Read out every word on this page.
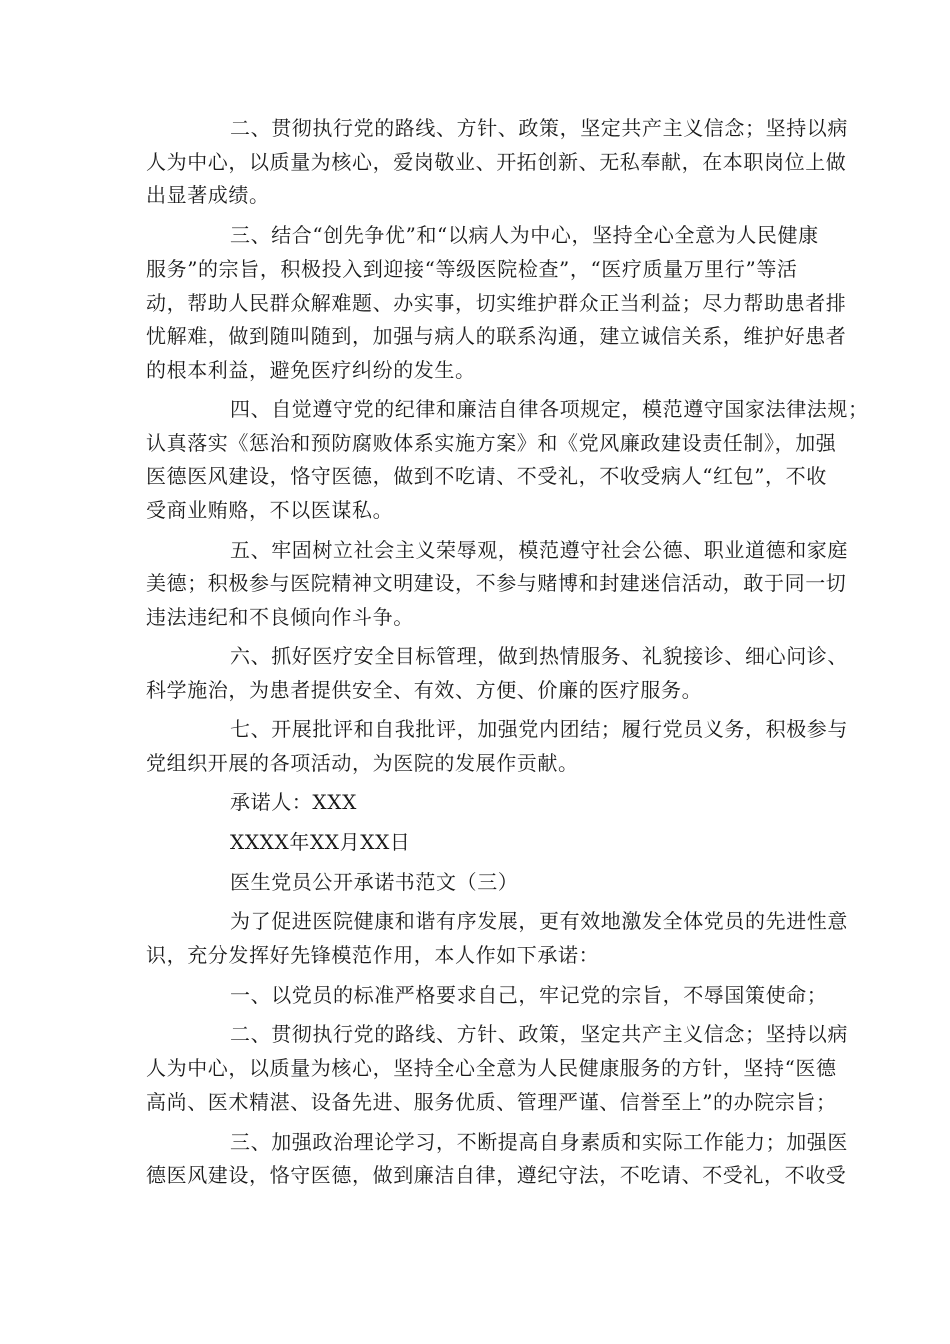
二、贯彻执行党的路线、方针、政策，坚定共产主义信念；坚持以病
人为中心，以质量为核心，爱岗敬业、开拓创新、无私奉献，在本职岗位上做
出显著成绩。
三、结合“创先争优”和“以病人为中心，坚持全心全意为人民健康
服务”的宗旨，积极投入到迎接“等级医院检查”，“医疗质量万里行”等活
动，帮助人民群众解难题、办实事，切实维护群众正当利益；尽力帮助患者排
忧解难，做到随叫随到，加强与病人的联系沟通，建立诚信关系，维护好患者
的根本利益，避免医疗纠纷的发生。
四、自觉遵守党的纪律和廉洁自律各项规定，模范遵守国家法律法规；
认真落实《惩治和预防腐败体系实施方案》和《党风廉政建设责任制》，加强
医德医风建设，恪守医德，做到不吃请、不受礼，不收受病人“红包”，不收
受商业贿赂，不以医谋私。
五、牢固树立社会主义荣辱观，模范遵守社会公德、职业道德和家庭
美德；积极参与医院精神文明建设，不参与赌博和封建迷信活动，敢于同一切
违法违纪和不良倾向作斗争。
六、抓好医疗安全目标管理，做到热情服务、礼貌接诊、细心问诊、
科学施治，为患者提供安全、有效、方便、价廉的医疗服务。
七、开展批评和自我批评，加强党内团结；履行党员义务，积极参与
党组织开展的各项活动，为医院的发展作贡献。
承诺人：XXX
XXXX年XX月XX日
医生党员公开承诺书范文（三）
为了促进医院健康和谐有序发展，更有效地激发全体党员的先进性意
识，充分发挥好先锋模范作用，本人作如下承诺：
一、以党员的标准严格要求自己，牢记党的宗旨，不辱国策使命；
二、贯彻执行党的路线、方针、政策，坚定共产主义信念；坚持以病
人为中心，以质量为核心，坚持全心全意为人民健康服务的方针，坚持“医德
高尚、医术精湛、设备先进、服务优质、管理严谨、信誉至上”的办院宗旨；
三、加强政治理论学习，不断提高自身素质和实际工作能力；加强医
德医风建设，恪守医德，做到廉洁自律，遵纪守法，不吃请、不受礼，不收受
